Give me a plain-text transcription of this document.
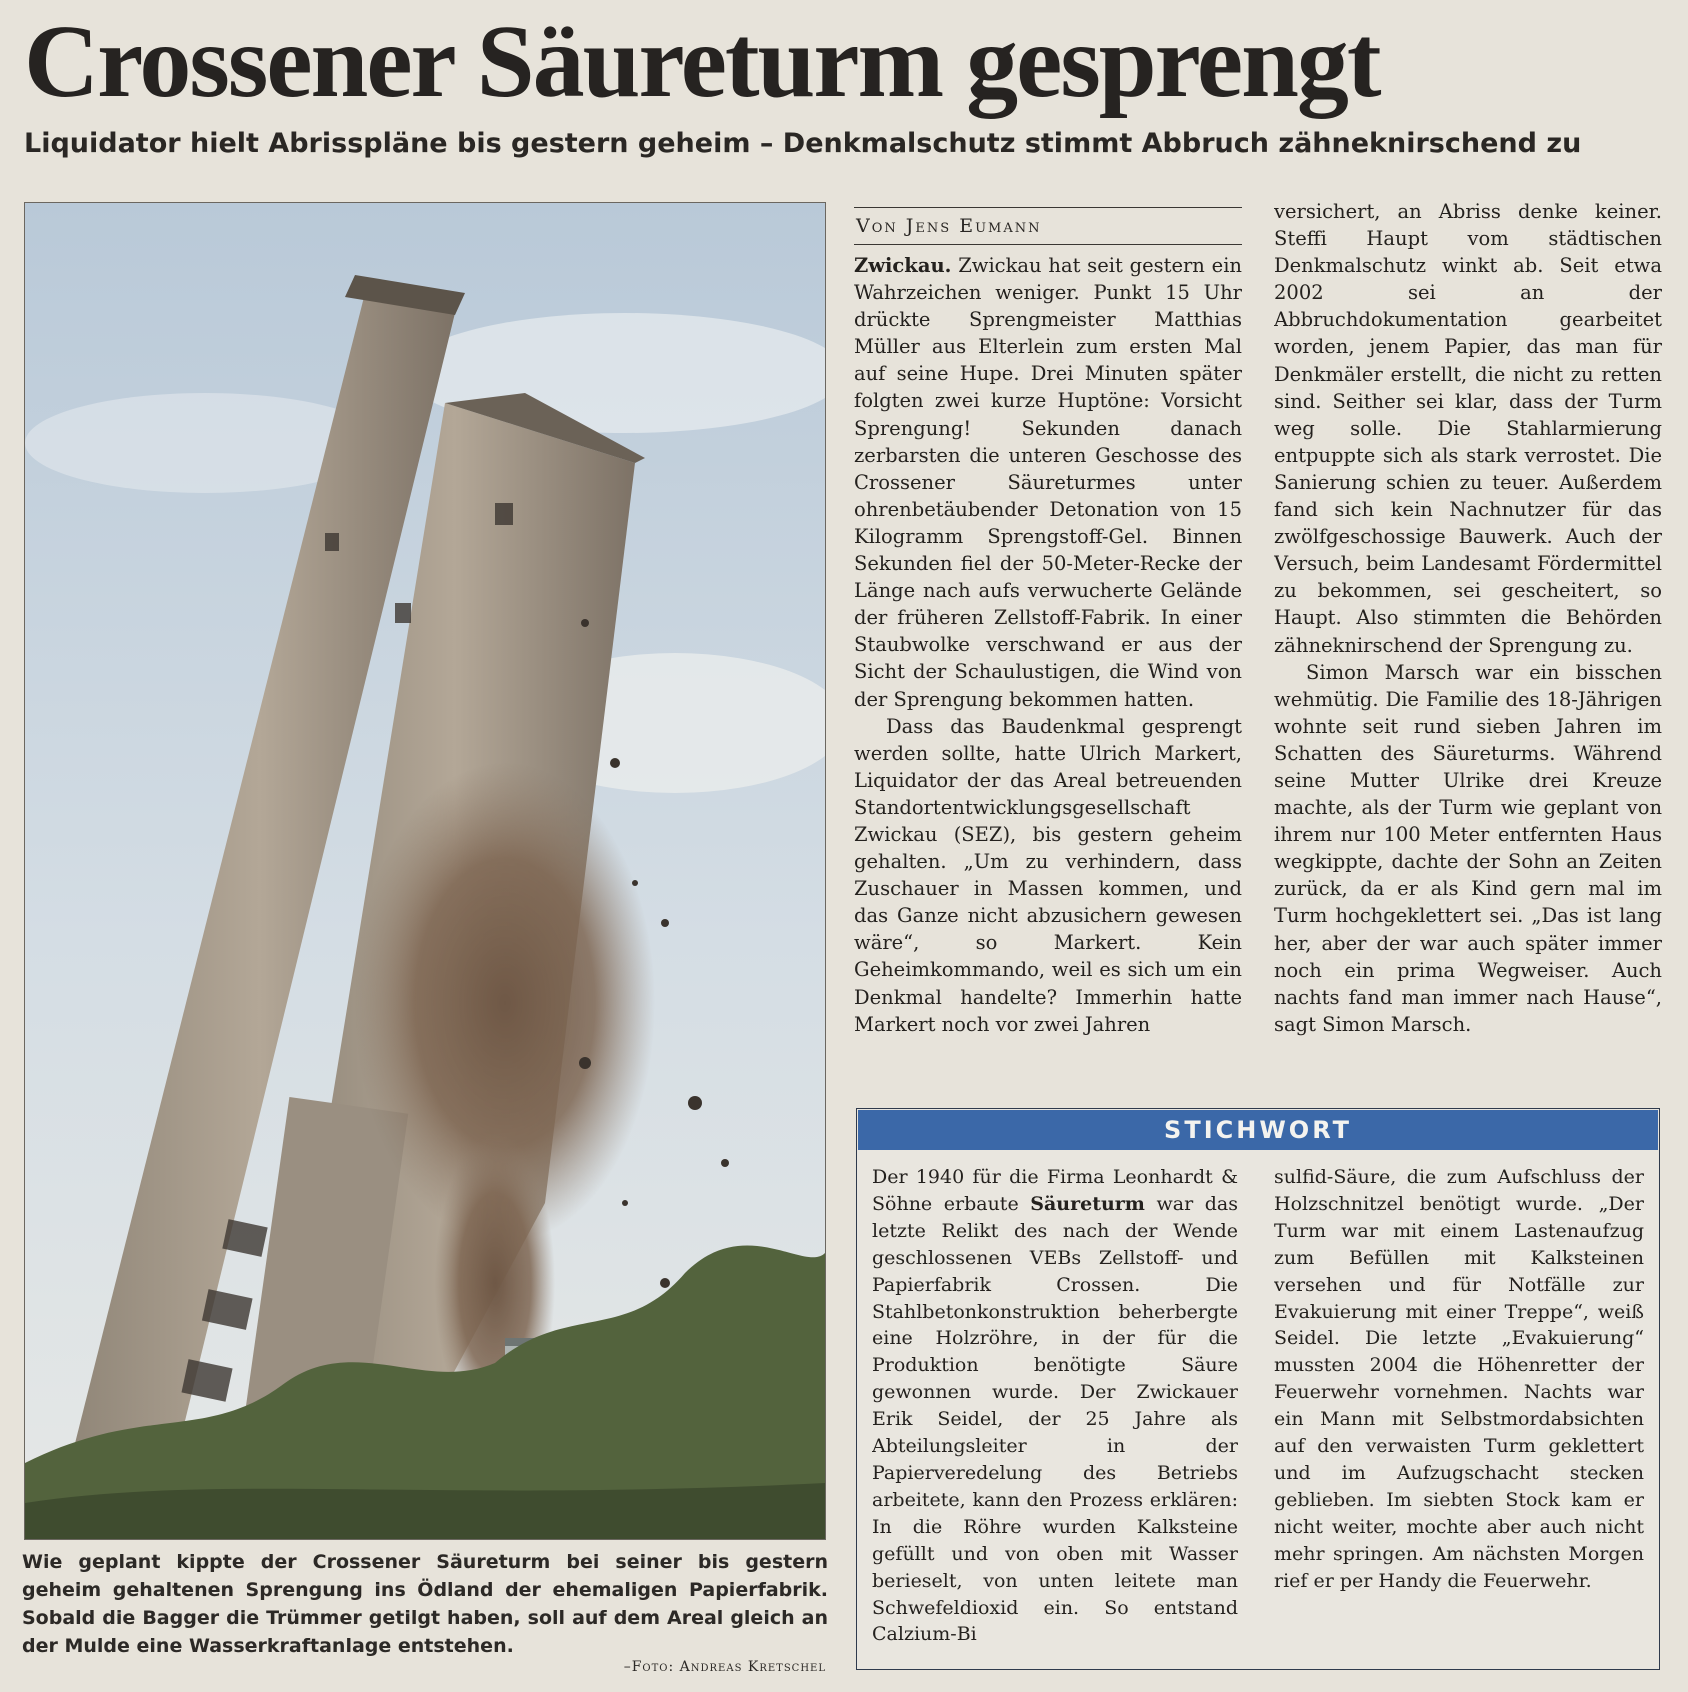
Crossener Säureturm gesprengt
Liquidator hielt Abrisspläne bis gestern geheim – Denkmalschutz stimmt Abbruch zähneknirschend zu
Wie geplant kippte der Crossener Säureturm bei seiner bis gestern geheim gehaltenen Sprengung ins Ödland der ehemaligen Papierfabrik. Sobald die Bagger die Trümmer getilgt haben, soll auf dem Areal gleich an der Mulde eine Wasserkraftanlage entstehen.
–Foto: Andreas Kretschel
Von Jens Eumann

Zwickau. Zwickau hat seit gestern ein Wahrzeichen weniger. Punkt 15 Uhr drückte Sprengmeister Matthias Müller aus Elterlein zum ersten Mal auf seine Hupe. Drei Minuten später folgten zwei kurze Huptöne: Vorsicht Sprengung! Sekunden danach zerbarsten die unteren Geschosse des Crossener Säureturmes unter ohrenbetäubender Detonation von 15 Kilogramm Sprengstoff-Gel. Binnen Sekunden fiel der 50-Meter-Recke der Länge nach aufs verwucherte Gelände der früheren Zellstoff-Fabrik. In einer Staubwolke verschwand er aus der Sicht der Schaulustigen, die Wind von der Sprengung bekommen hatten.

Dass das Baudenkmal gesprengt werden sollte, hatte Ulrich Markert, Liquidator der das Areal betreuenden Standortentwicklungsgesellschaft Zwickau (SEZ), bis gestern geheim gehalten. „Um zu verhindern, dass Zuschauer in Massen kommen, und das Ganze nicht abzusichern gewesen wäre“, so Markert. Kein Geheimkommando, weil es sich um ein Denkmal handelte? Immerhin hatte Markert noch vor zwei Jahren

versichert, an Abriss denke keiner. Steffi Haupt vom städtischen Denkmalschutz winkt ab. Seit etwa 2002 sei an der Abbruchdokumentation gearbeitet worden, jenem Papier, das man für Denkmäler erstellt, die nicht zu retten sind. Seither sei klar, dass der Turm weg solle. Die Stahlarmierung entpuppte sich als stark verrostet. Die Sanierung schien zu teuer. Außerdem fand sich kein Nachnutzer für das zwölfgeschossige Bauwerk. Auch der Versuch, beim Landesamt Fördermittel zu bekommen, sei gescheitert, so Haupt. Also stimmten die Behörden zähneknirschend der Sprengung zu.

Simon Marsch war ein bisschen wehmütig. Die Familie des 18-Jährigen wohnte seit rund sieben Jahren im Schatten des Säureturms. Während seine Mutter Ulrike drei Kreuze machte, als der Turm wie geplant von ihrem nur 100 Meter entfernten Haus wegkippte, dachte der Sohn an Zeiten zurück, da er als Kind gern mal im Turm hochgeklettert sei. „Das ist lang her, aber der war auch später immer noch ein prima Wegweiser. Auch nachts fand man immer nach Hause“, sagt Simon Marsch.

STICHWORT

Der 1940 für die Firma Leonhardt & Söhne erbaute Säureturm war das letzte Relikt des nach der Wende geschlossenen VEBs Zellstoff- und Papierfabrik Crossen. Die Stahlbetonkonstruktion beherbergte eine Holzröhre, in der für die Produktion benötigte Säure gewonnen wurde. Der Zwickauer Erik Seidel, der 25 Jahre als Abteilungsleiter in der Papierveredelung des Betriebs arbeitete, kann den Prozess erklären: In die Röhre wurden Kalksteine gefüllt und von oben mit Wasser berieselt, von unten leitete man Schwefeldioxid ein. So entstand Calzium-Bi

sulfid-Säure, die zum Aufschluss der Holzschnitzel benötigt wurde. „Der Turm war mit einem Lastenaufzug zum Befüllen mit Kalksteinen versehen und für Notfälle zur Evakuierung mit einer Treppe“, weiß Seidel. Die letzte „Evakuierung“ mussten 2004 die Höhenretter der Feuerwehr vornehmen. Nachts war ein Mann mit Selbstmordabsichten auf den verwaisten Turm geklettert und im Aufzugschacht stecken geblieben. Im siebten Stock kam er nicht weiter, mochte aber auch nicht mehr springen. Am nächsten Morgen rief er per Handy die Feuerwehr.
